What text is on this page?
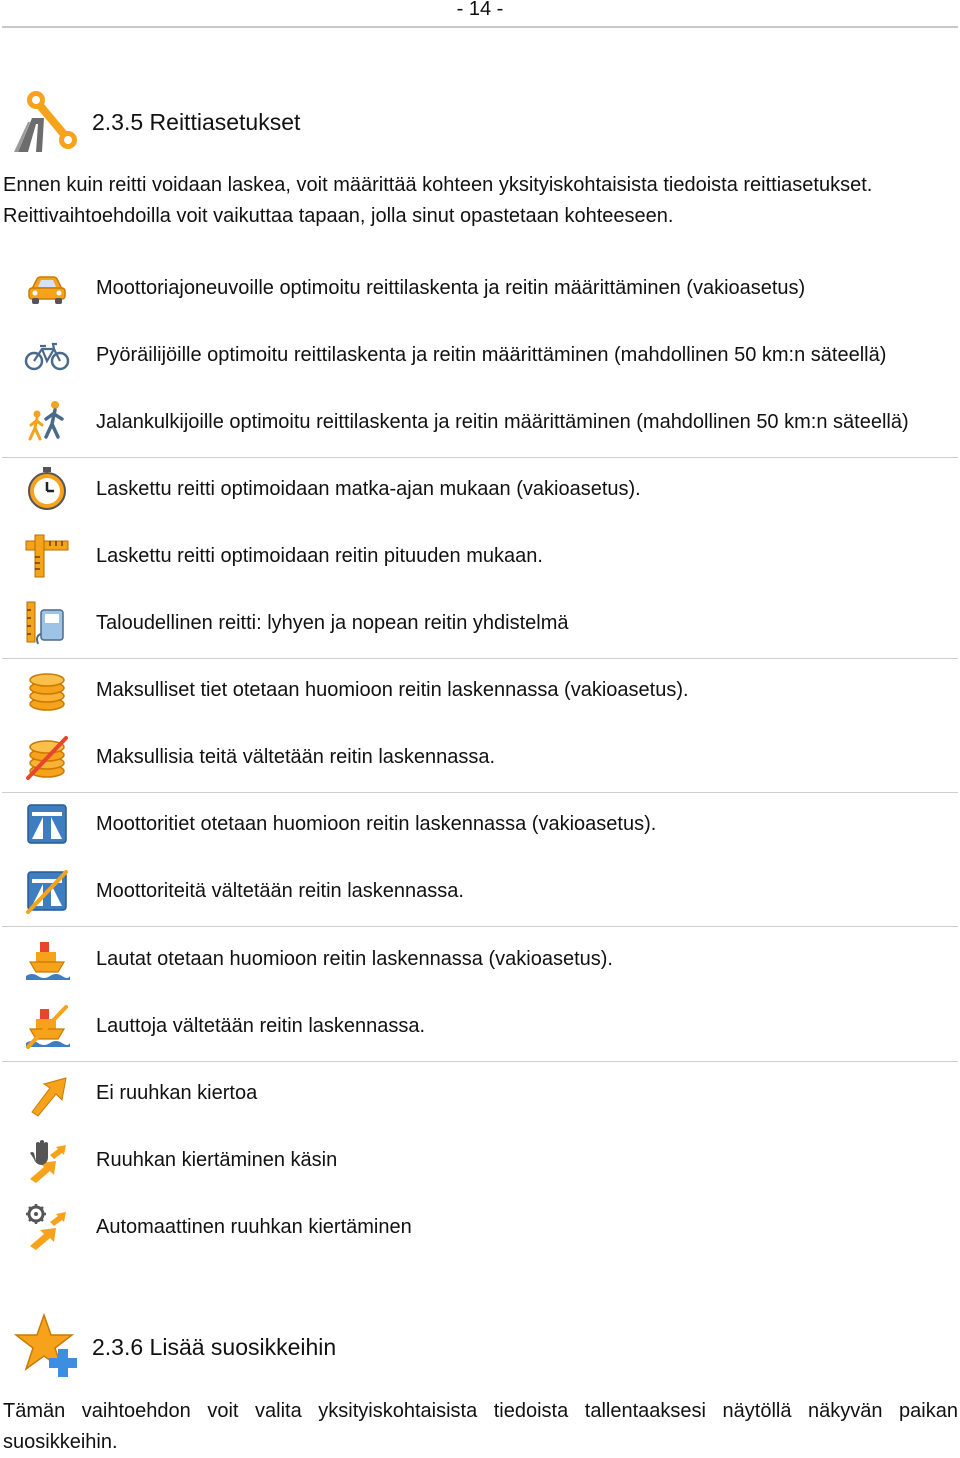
- 14 -
2.3.5 Reittiasetukset
Ennen kuin reitti voidaan laskea, voit määrittää kohteen yksityiskohtaisista tiedoista reittiasetukset.
Reittivaihtoehdoilla voit vaikuttaa tapaan, jolla sinut opastetaan kohteeseen.
Moottoriajoneuvoille optimoitu reittilaskenta ja reitin määrittäminen (vakioasetus)
Pyöräilijöille optimoitu reittilaskenta ja reitin määrittäminen (mahdollinen 50 km:n säteellä)
Jalankulkijoille optimoitu reittilaskenta ja reitin määrittäminen (mahdollinen 50 km:n säteellä)
Laskettu reitti optimoidaan matka-ajan mukaan (vakioasetus).
Laskettu reitti optimoidaan reitin pituuden mukaan.
Taloudellinen reitti: lyhyen ja nopean reitin yhdistelmä
Maksulliset tiet otetaan huomioon reitin laskennassa (vakioasetus).
Maksullisia teitä vältetään reitin laskennassa.
Moottoritiet otetaan huomioon reitin laskennassa (vakioasetus).
Moottoriteitä vältetään reitin laskennassa.
Lautat otetaan huomioon reitin laskennassa (vakioasetus).
Lauttoja vältetään reitin laskennassa.
Ei ruuhkan kiertoa
Ruuhkan kiertäminen käsin
Automaattinen ruuhkan kiertäminen
2.3.6 Lisää suosikkeihin
Tämän vaihtoehdon voit valita yksityiskohtaisista tiedoista tallentaaksesi näytöllä näkyvän paikan
suosikkeihin.
